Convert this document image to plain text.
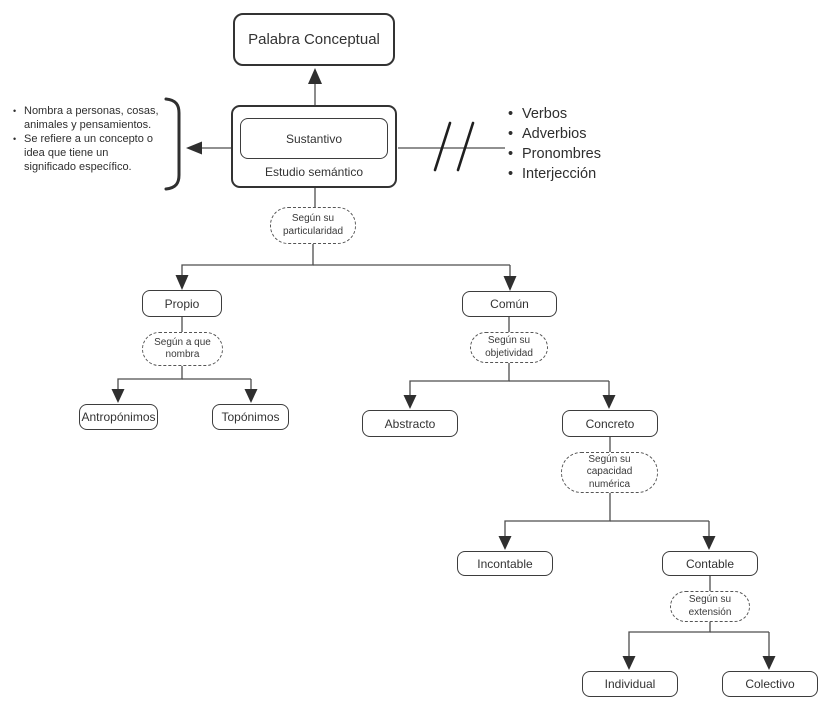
Palabra Conceptual
Sustantivo
Estudio semántico
• Nombra a personas, cosas, animales y pensamientos.
• Se refiere a un concepto o idea que tiene un significado específico.
• Verbos
• Adverbios
• Pronombres
• Interjección
Según su particularidad
Según a que nombra
Según su objetividad
Según su capacidad numérica
Según su extensión
Propio	Común
Antropónimos	Topónimos	Abstracto	Concreto
Incontable	Contable
Individual	Colectivo
